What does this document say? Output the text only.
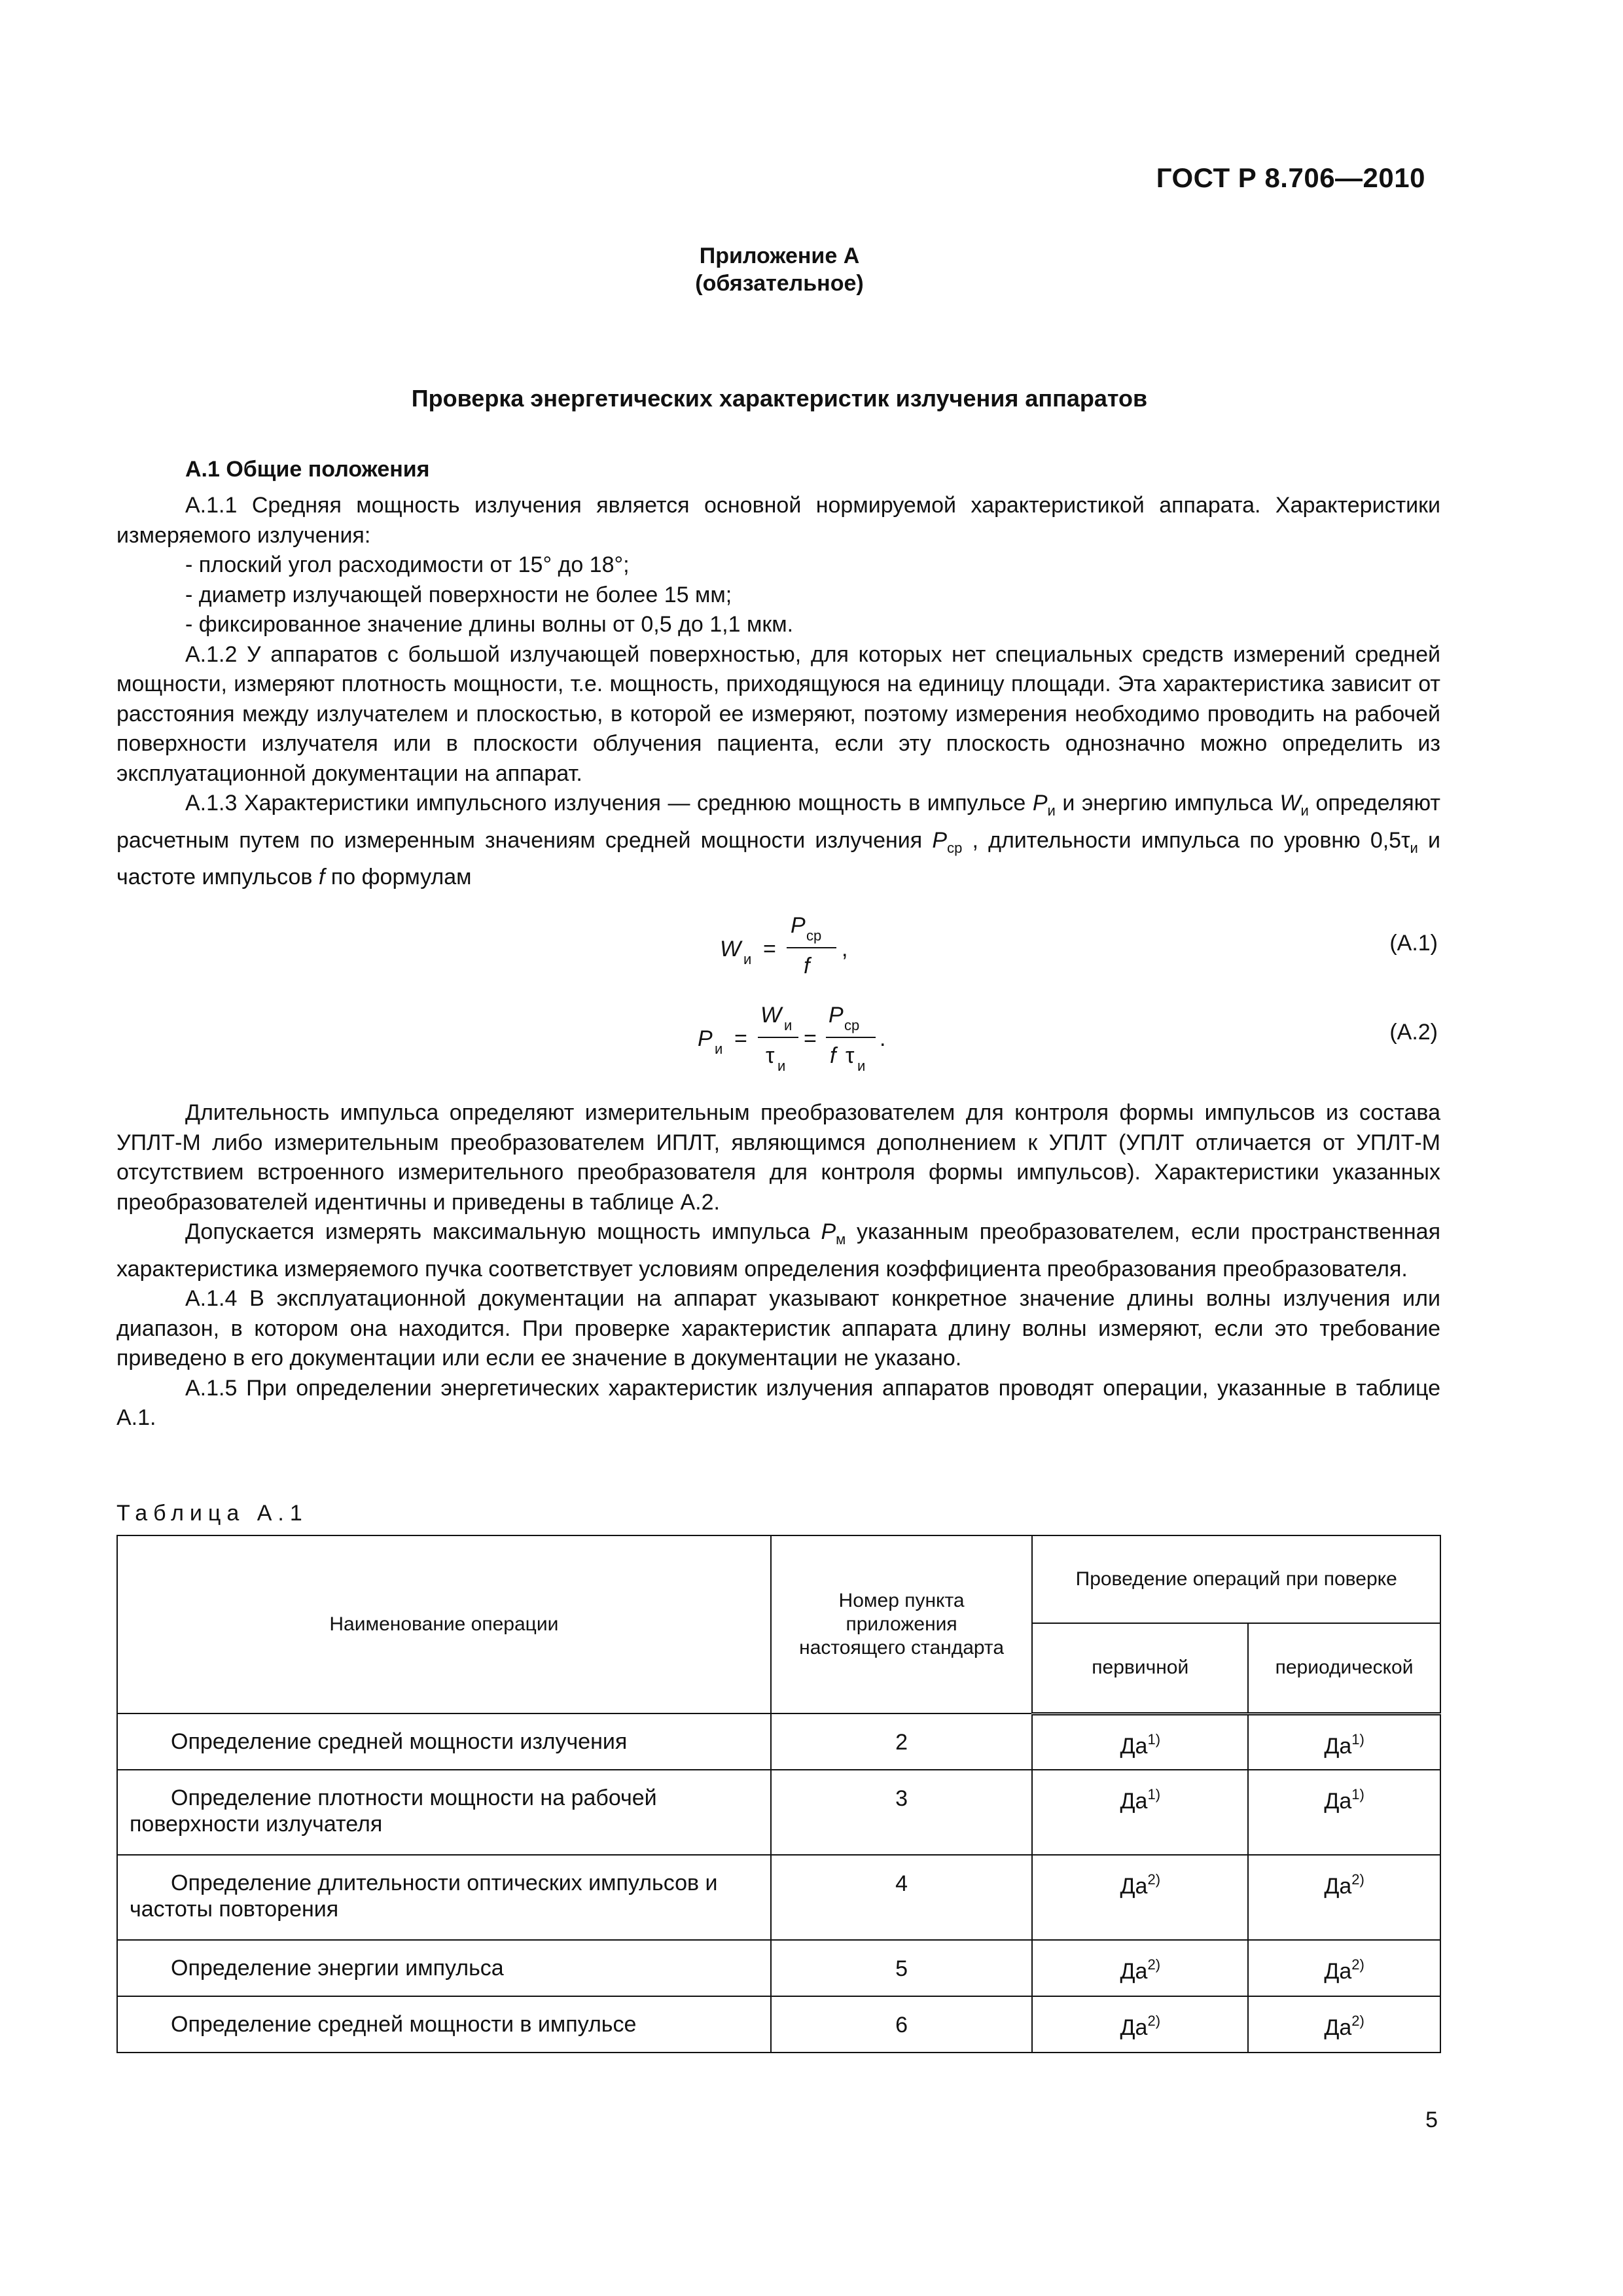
ГОСТ Р 8.706—2010
Приложение А
(обязательное)
Проверка энергетических характеристик излучения аппаратов
А.1 Общие положения

А.1.1 Средняя мощность излучения является основной нормируемой характеристикой аппарата. Характеристики измеряемого излучения:

- плоский угол расходимости от 15° до 18°;

- диаметр излучающей поверхности не более 15 мм;

- фиксированное значение длины волны от 0,5 до 1,1 мкм.

А.1.2 У аппаратов с большой излучающей поверхностью, для которых нет специальных средств измерений средней мощности, измеряют плотность мощности, т.е. мощность, приходящуюся на единицу площади. Эта характеристика зависит от расстояния между излучателем и плоскостью, в которой ее измеряют, поэтому измерения необходимо проводить на рабочей поверхности излучателя или в плоскости облучения пациента, если эту плоскость однозначно можно определить из эксплуатационной документации на аппарат.

А.1.3 Характеристики импульсного излучения — среднюю мощность в импульсе $P_и$ и энергию импульса $W_и$ определяют расчетным путем по измеренным значениям средней мощности излучения $P_{ср}$ , длительности импульса по уровню $0,5\tau_и$ и частоте импульсов f по формулам

W и =
P ср
f
,	(А.1)
P и =
W и
τ и
=
P ср
f τ и
.	(А.2)

Длительность импульса определяют измерительным преобразователем для контроля формы импульсов из состава УПЛТ-М либо измерительным преобразователем ИПЛТ, являющимся дополнением к УПЛТ (УПЛТ отличается от УПЛТ-М отсутствием встроенного измерительного преобразователя для контроля формы импульсов). Характеристики указанных преобразователей идентичны и приведены в таблице А.2.

Допускается измерять максимальную мощность импульса $P_м$ указанным преобразователем, если пространственная характеристика измеряемого пучка соответствует условиям определения коэффициента преобразования преобразователя.

А.1.4 В эксплуатационной документации на аппарат указывают конкретное значение длины волны излучения или диапазон, в котором она находится. При проверке характеристик аппарата длину волны измеряют, если это требование приведено в его документации или если ее значение в документации не указано.

А.1.5 При определении энергетических характеристик излучения аппаратов проводят операции, указанные в таблице А.1.

Таблица А.1
Наименование операции	Номер пункта приложения настоящего стандарта	Проведение операций при поверке	
		первичной	периодической
Определение средней мощности излучения	2	$Да^{1)}$	$Да^{1)}$
Определение плотности мощности на рабочей поверхности излучателя	3	$Да^{1)}$	$Да^{1)}$
Определение длительности оптических импульсов и частоты повторения	4	$Да^{2)}$	$Да^{2)}$
Определение энергии импульса	5	$Да^{2)}$	$Да^{2)}$
Определение средней мощности в импульсе	6	$Да^{2)}$	$Да^{2)}$
5
